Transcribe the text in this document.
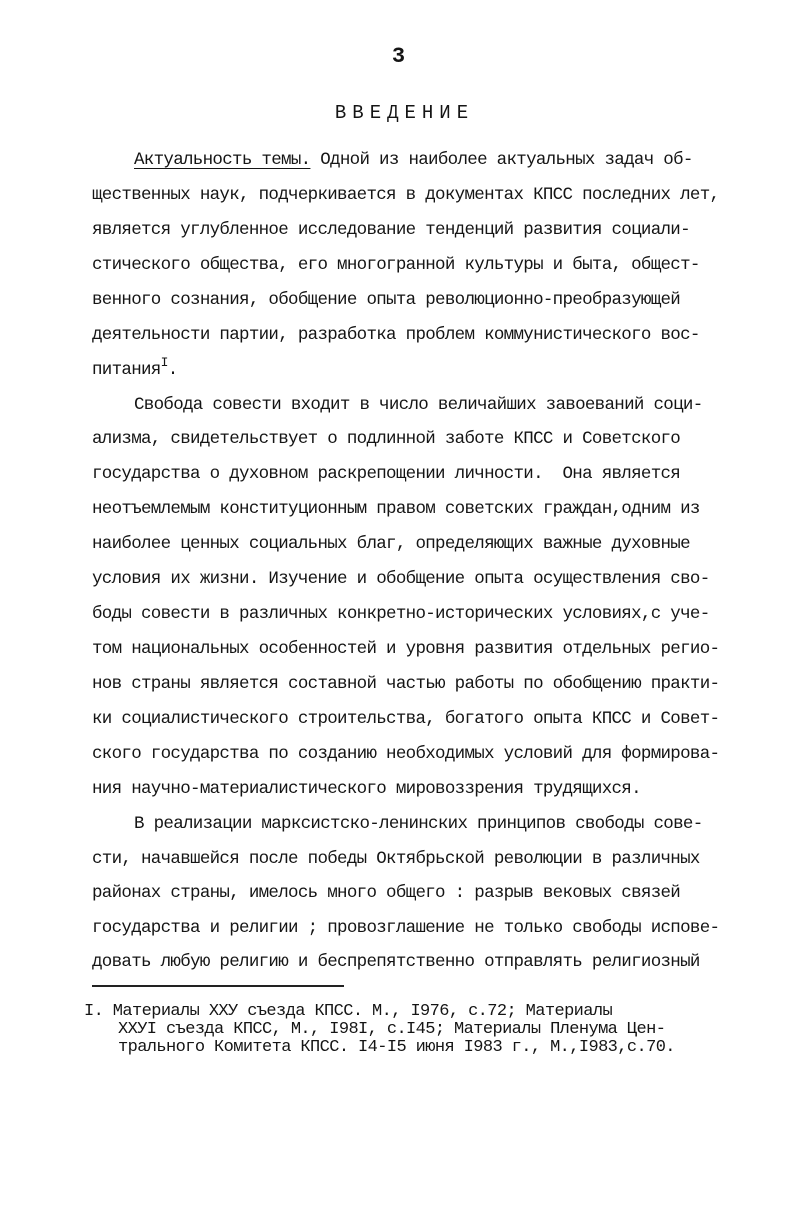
3
ВВЕДЕНИЕ
Актуальность темы. Одной из наиболее актуальных задач об-
щественных наук, подчеркивается в документах КПСС последних лет,
является углубленное исследование тенденций развития социали-
стического общества, его многогранной культуры и быта, общест-
венного сознания, обобщение опыта революционно-преобразующей
деятельности партии, разработка проблем коммунистического вос-
питания$^I$.
Свобода совести входит в число величайших завоеваний соци-
ализма, свидетельствует о подлинной заботе КПСС и Советского
государства о духовном раскрепощении личности.  Она является
неотъемлемым конституционным правом советских граждан,одним из
наиболее ценных социальных благ, определяющих важные духовные
условия их жизни. Изучение и обобщение опыта осуществления сво-
боды совести в различных конкретно-исторических условиях,с уче-
том национальных особенностей и уровня развития отдельных регио-
нов страны является составной частью работы по обобщению практи-
ки социалистического строительства, богатого опыта КПСС и Совет-
ского государства по созданию необходимых условий для формирова-
ния научно-материалистического мировоззрения трудящихся.
В реализации марксистско-ленинских принципов свободы сове-
сти, начавшейся после победы Октябрьской революции в различных
районах страны, имелось много общего : разрыв вековых связей
государства и религии ; провозглашение не только свободы испове-
довать любую религию и беспрепятственно отправлять религиозный
I. Материалы ХХУ съезда КПСС. М., I976, с.72; Материалы
ХХУI съезда КПСС, М., I98I, с.I45; Материалы Пленума Цен-
трального Комитета КПСС. I4-I5 июня I983 г., М.,I983,с.70.
